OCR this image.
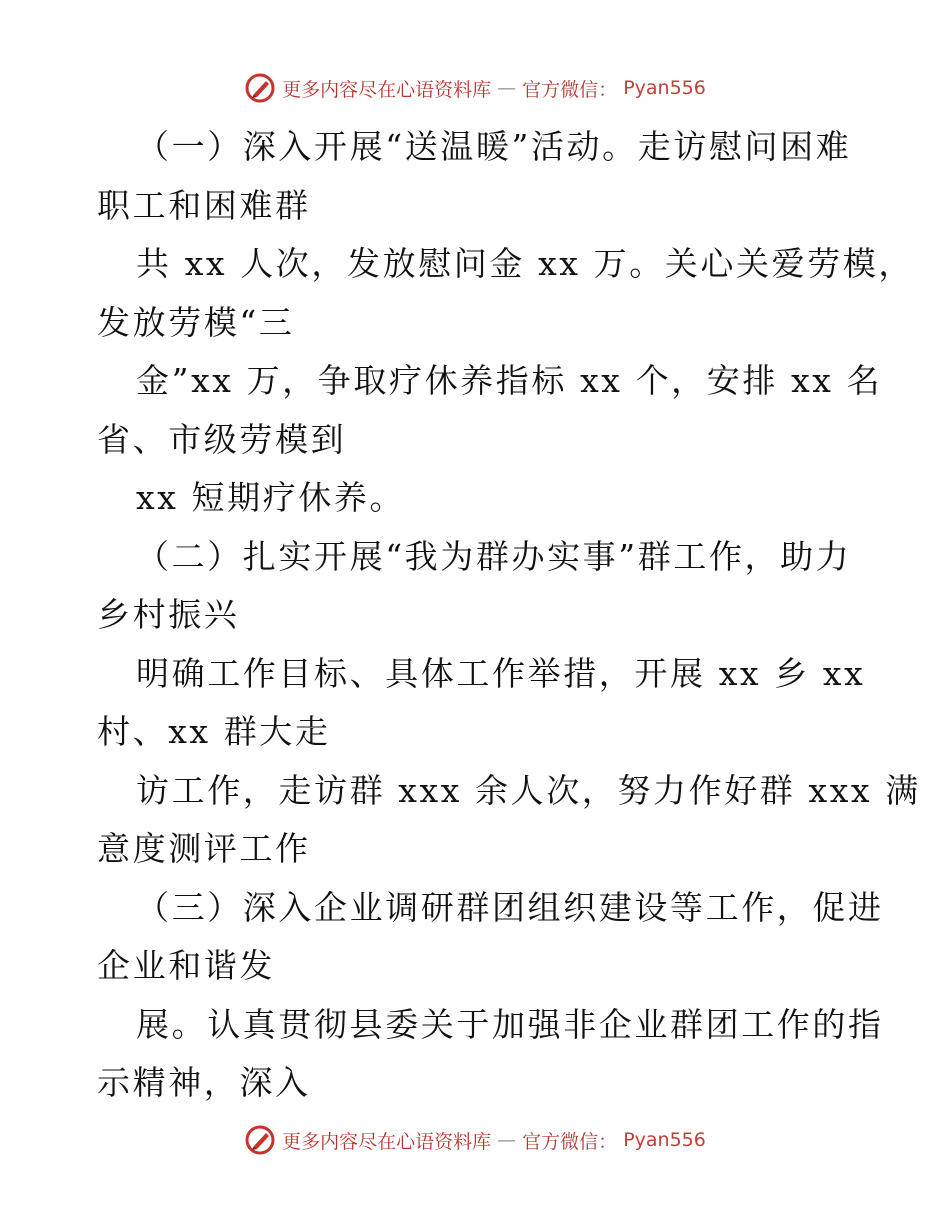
更多内容尽在心语资料库 — 官方微信： Pyan556
（一）深入开展“送温暖”活动。走访慰问困难
职工和困难群
共 xx 人次，发放慰问金 xx 万。关心关爱劳模，
发放劳模“三
金”xx 万，争取疗休养指标 xx 个，安排 xx 名
省、市级劳模到
xx 短期疗休养。
（二）扎实开展“我为群办实事”群工作，助力
乡村振兴
明确工作目标、具体工作举措，开展 xx 乡 xx
村、xx 群大走
访工作，走访群 xxx 余人次，努力作好群 xxx 满
意度测评工作
（三）深入企业调研群团组织建设等工作，促进
企业和谐发
展。认真贯彻县委关于加强非企业群团工作的指
示精神，深入
更多内容尽在心语资料库 — 官方微信： Pyan556
